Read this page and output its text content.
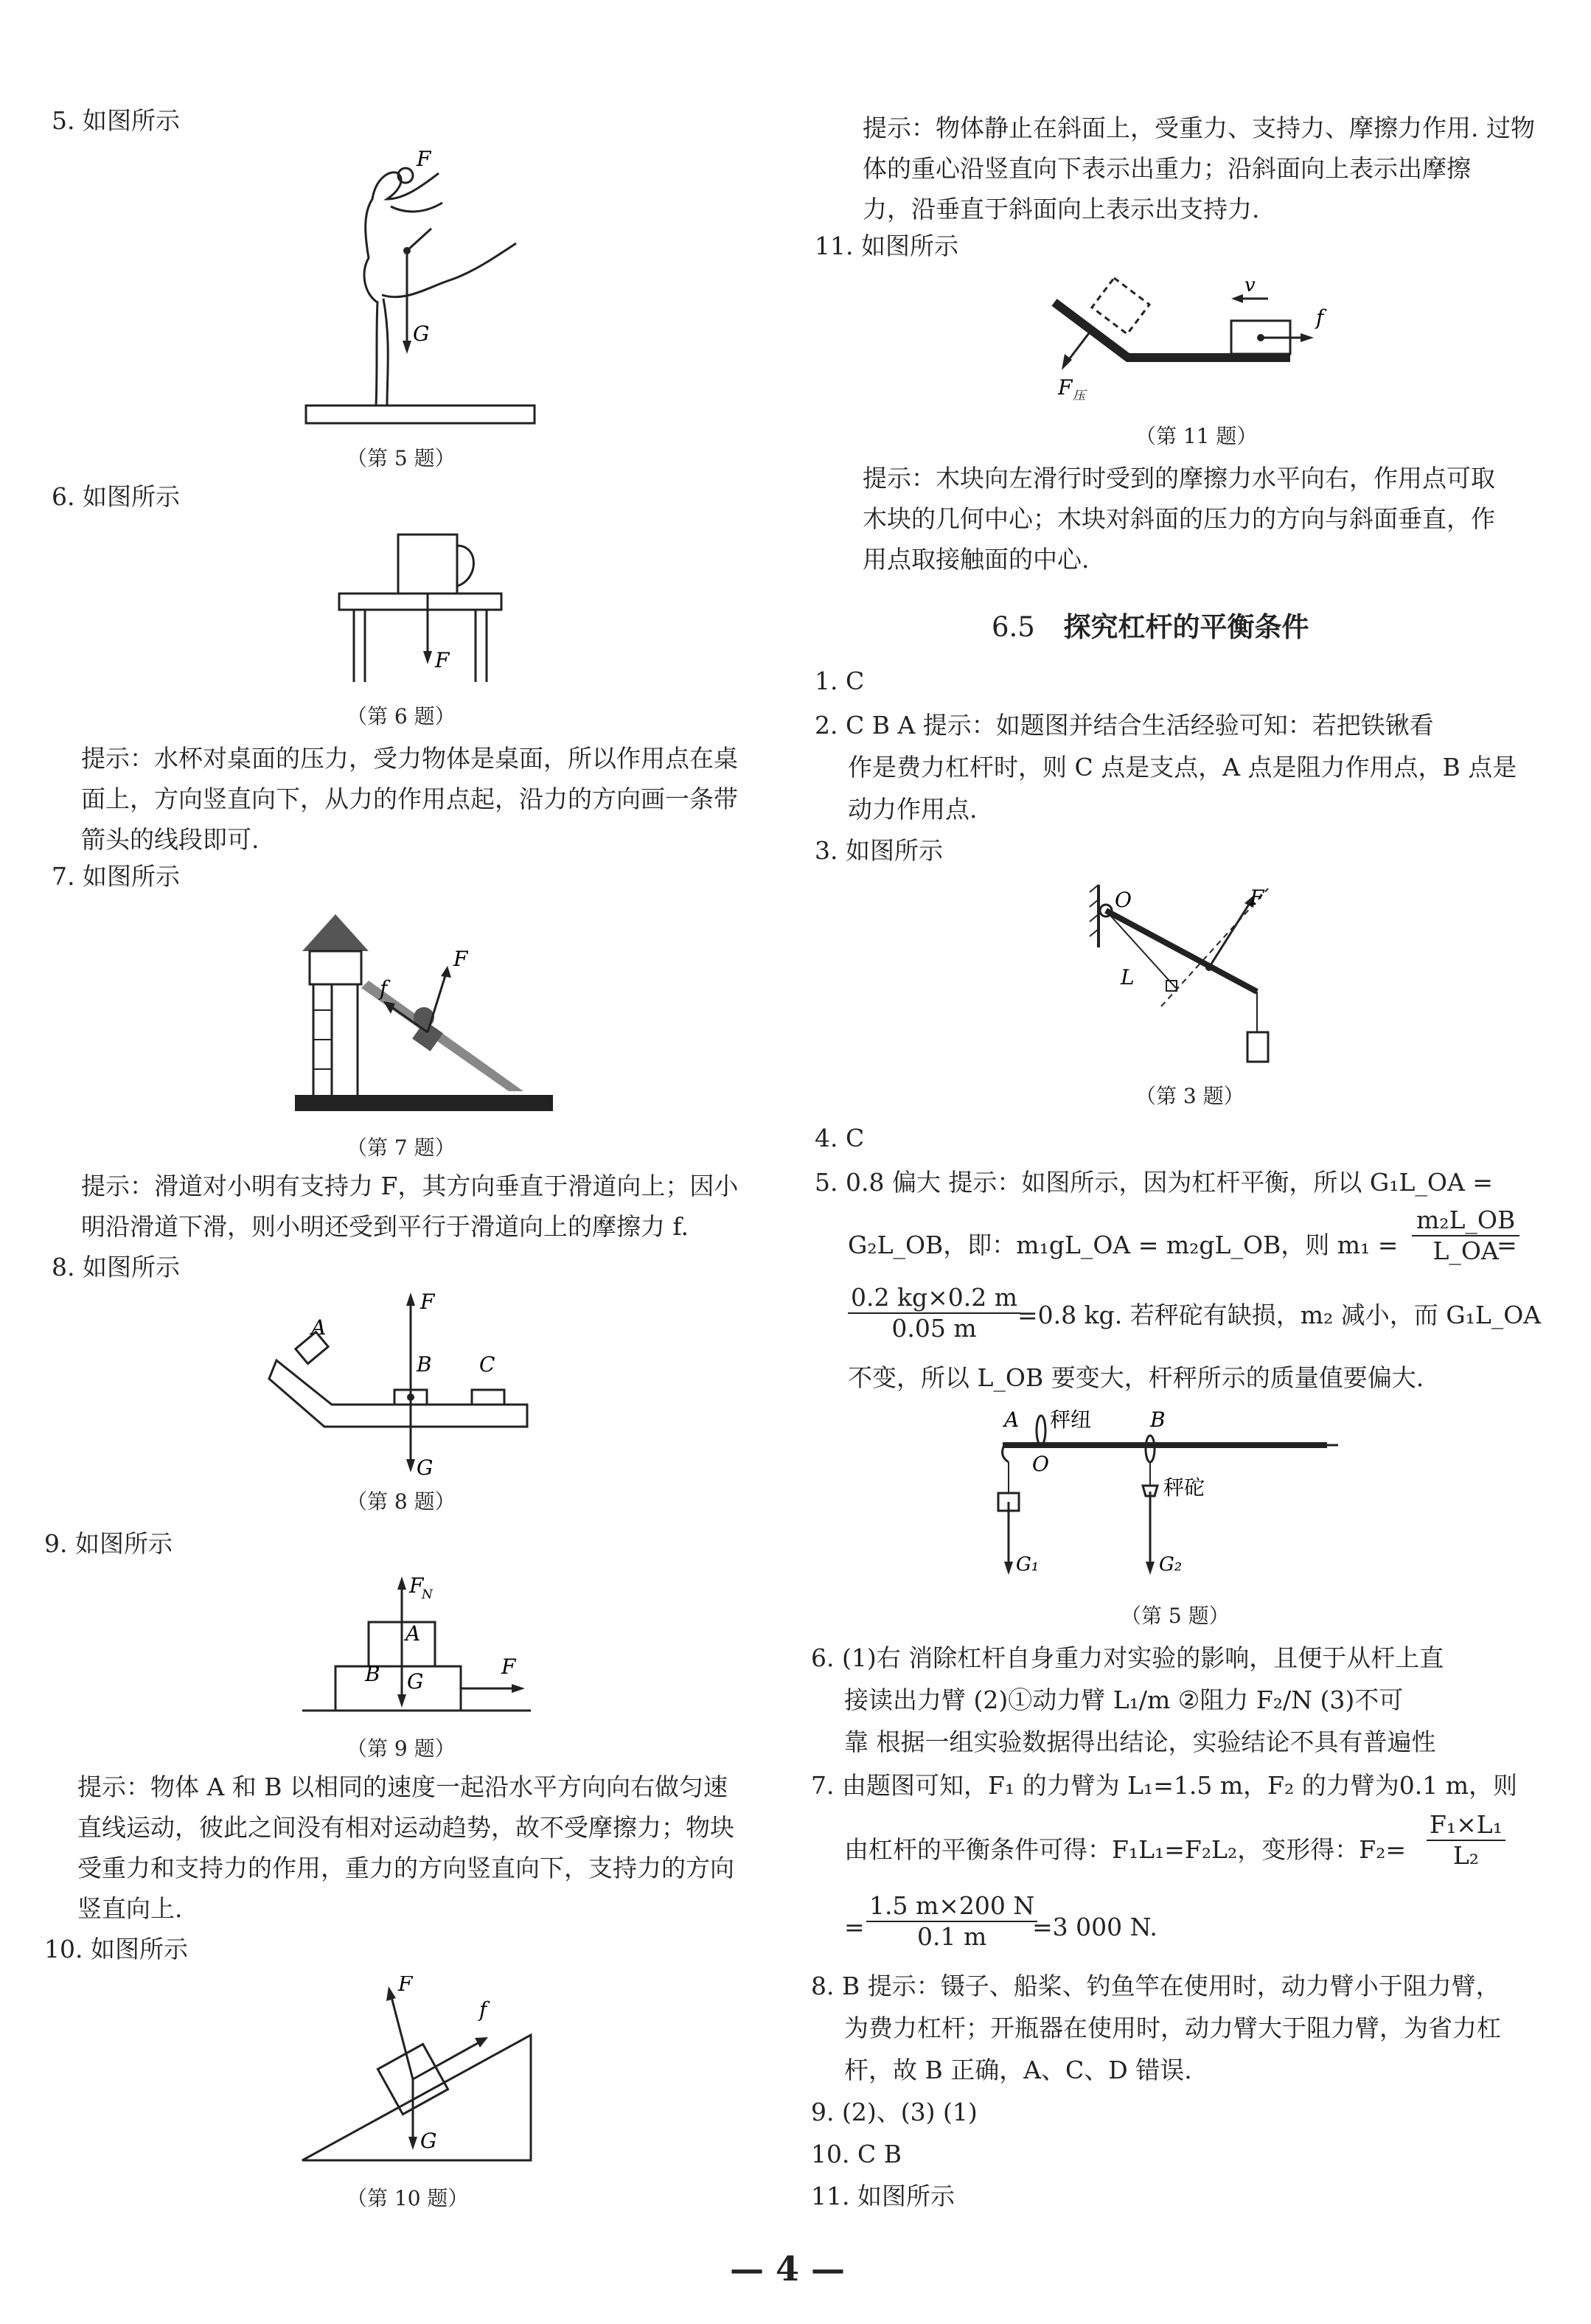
5. 如图所示
G
F
（第 5 题）
6. 如图所示
F
（第 6 题）
提示：水杯对桌面的压力，受力物体是桌面，所以作用点在桌
面上，方向竖直向下，从力的作用点起，沿力的方向画一条带
箭头的线段即可.
7. 如图所示
F
f
（第 7 题）
提示：滑道对小明有支持力 F，其方向垂直于滑道向上；因小
明沿滑道下滑，则小明还受到平行于滑道向上的摩擦力 f.
8. 如图所示
F
G
A
B C
（第 8 题）
9. 如图所示
F
N
A
B G
F
（第 9 题）
提示：物体 A 和 B 以相同的速度一起沿水平方向向右做匀速
直线运动，彼此之间没有相对运动趋势，故不受摩擦力；物块
受重力和支持力的作用，重力的方向竖直向下，支持力的方向
竖直向上.
10. 如图所示
F
f
G
（第 10 题）
提示：物体静止在斜面上，受重力、支持力、摩擦力作用. 过物
体的重心沿竖直向下表示出重力；沿斜面向上表示出摩擦
力，沿垂直于斜面向上表示出支持力.
11. 如图所示
v
f
F 压
（第 11 题）
提示：木块向左滑行时受到的摩擦力水平向右，作用点可取
木块的几何中心；木块对斜面的压力的方向与斜面垂直，作
用点取接触面的中心.
6.5 探究杠杆的平衡条件
1. C
2. C B A 提示：如题图并结合生活经验可知：若把铁锹看
作是费力杠杆时，则 C 点是支点，A 点是阻力作用点，B 点是
动力作用点.
3. 如图所示
O	F
L
（第 3 题）
4. C
5. 0.8 偏大 提示：如图所示，因为杠杆平衡，所以 G₁L_OA =
G₂L_OB，即：m₁gL_OA = m₂gL_OB，则 $m_1 = \frac{\text{m₂L\_OB}}{L\_OA}$
=
$\frac{0.2 kg\times 0.2 m}{0.05 m}$
=0.8 kg. 若秤砣有缺损，m₂ 减小，而 G₁L_OA
不变，所以 L_OB 要变大，杆秤所示的质量值要偏大.
A	B
O
秤纽
秤砣
G₁	G₂
（第 5 题）
6. (1)右 消除杠杆自身重力对实验的影响，且便于从杆上直
接读出力臂 (2)①动力臂 L₁/m ②阻力 F₂/N (3)不可
靠 根据一组实验数据得出结论，实验结论不具有普遍性
7. 由题图可知，F₁ 的力臂为 L₁=1.5 m，F₂ 的力臂为0.1 m，则
由杠杆的平衡条件可得：F₁L₁=F₂L₂，变形得：$F_2= \frac{\text{F₁×L₁}}{\text{L₂}}$
= $\frac{1.5 m\times 200 N}{0.1 m}$
=3 000 N.
8. B 提示：镊子、船桨、钓鱼竿在使用时，动力臂小于阻力臂，
为费力杠杆；开瓶器在使用时，动力臂大于阻力臂，为省力杠
杆，故 B 正确，A、C、D 错误.
9. (2)、(3) (1)
10. C B
11. 如图所示
— 4 —
